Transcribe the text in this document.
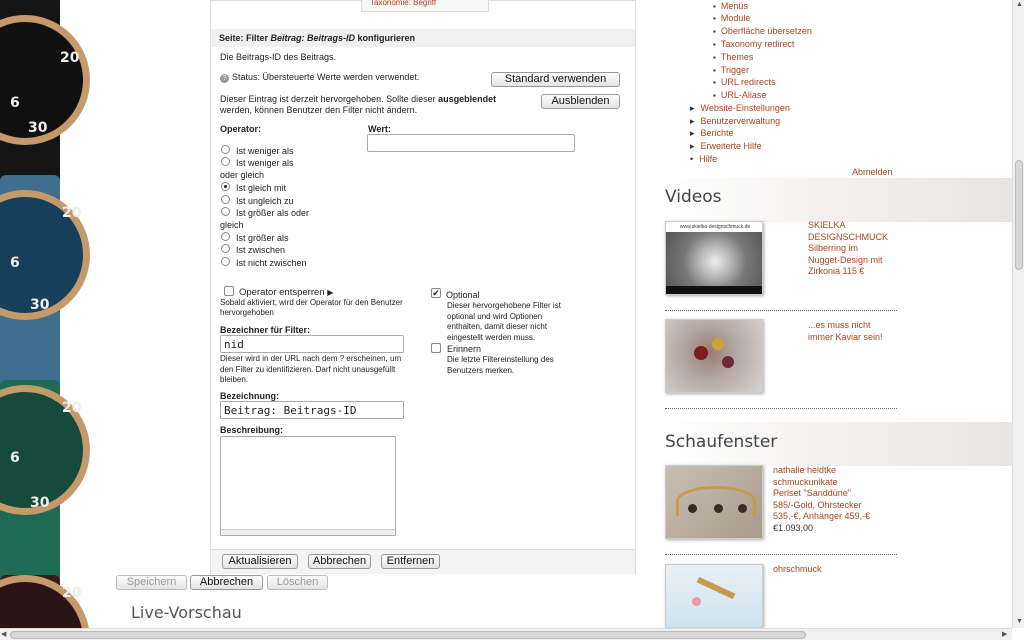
20
6
30
20
6
30
20
6
30
20
Taxonomie: Begriff
Seite: Filter Beitrag: Beitrags-ID konfigurieren
Die Beitrags-ID des Beitrags.
? Status: Übersteuerte Werte werden verwendet.	Standard verwenden
Dieser Eintrag ist derzeit hervorgehoben. Sollte dieser ausgeblendet
werden, können Benutzer den Filter nicht ändern.
Ausblenden
Operator:	Wert:
Ist weniger als
Ist weniger als
oder gleich
Ist gleich mit
Ist ungleich zu
Ist größer als oder
gleich
Ist größer als
Ist zwischen
Ist nicht zwischen
Operator entsperren ▶
Sobald aktiviert, wird der Operator für den Benutzer hervorgehoben
✔ Optional
Dieser hervorgehobene Filter ist optional und wird Optionen enthalten, damit dieser nicht eingestellt werden muss.
Erinnern
Die letzte Filtereinstellung des Benutzers merken.
Bezeichner für Filter:
nid
Dieser wird in der URL nach dem ? erscheinen, um den Filter zu identifizieren. Darf nicht unausgefüllt bleiben.
Bezeichnung:
Beitrag: Beitrags-ID
Beschreibung:
Aktualisieren	Abbrechen	Entfernen
Speichern	Abbrechen	Löschen
Live-Vorschau
▪ Menüs
▪ Module
▪ Oberfläche übersetzen
▪ Taxonomy redirect
▪ Themes
▪ Trigger
▪ URL redirects
▪ URL-Aliase
▸ Website-Einstellungen
▸ Benutzerverwaltung
▸ Berichte
▸ Erweiterte Hilfe
• Hilfe
Abmelden
Videos
www.skielka-designschmuck.de	SKIELKA
DESIGNSCHMUCK
Silberring im
Nugget-Design mit
Zirkonia 115 €
...es muss nicht
immer Kaviar sein!
Schaufenster
nathalie heidtke
schmuckunikate
Perlset "Sanddüne"
585/-Gold, Ohrstecker
535,-€, Anhänger 459,-€
€1.093,00
ohrschmuck
▲
▼
◀	▶
